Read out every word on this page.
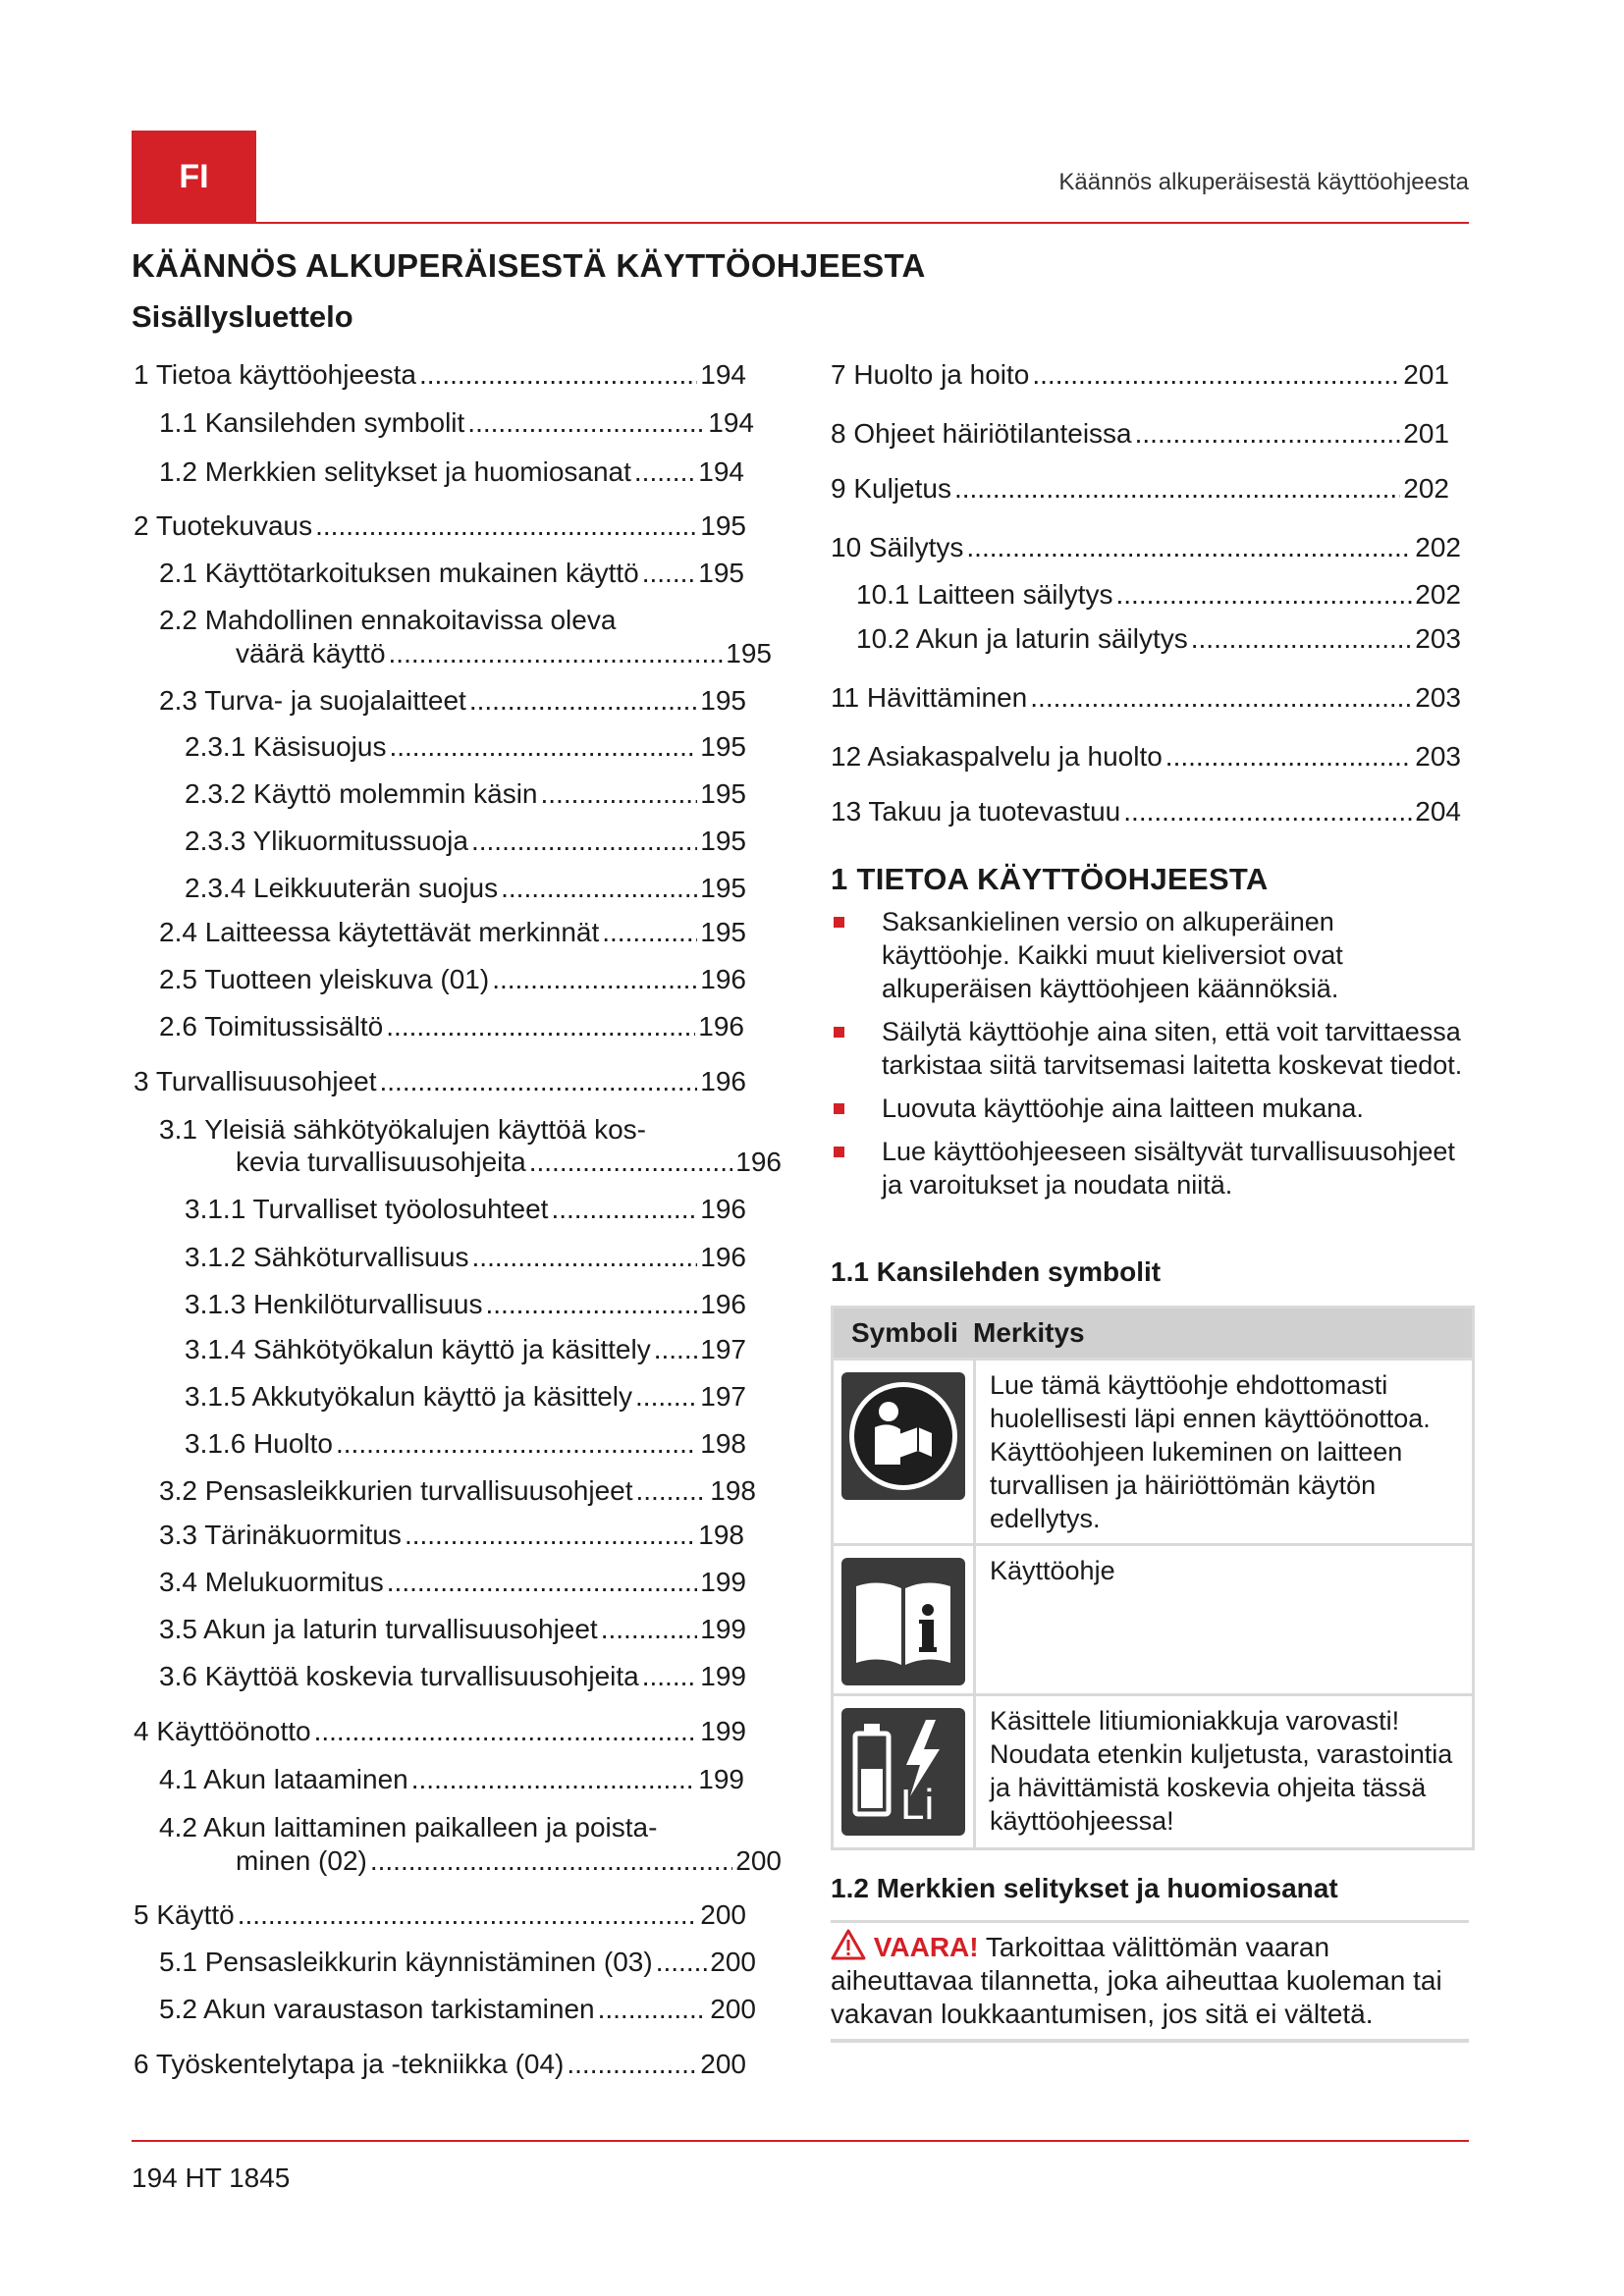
FI	Käännös alkuperäisestä käyttöohjeesta
KÄÄNNÖS ALKUPERÄISESTÄ KÄYTTÖOHJEESTA
Sisällysluettelo
1 Tietoa käyttöohjeesta .....	194
1.1 Kansilehden symbolit .....	194
1.2 Merkkien selitykset ja huomiosanat ..... 194
2 Tuotekuvaus .....	195
2.1 Käyttötarkoituksen mukainen käyttö ..... 195
2.2 Mahdollinen ennakoitavissa oleva
väärä käyttö .....	195
2.3 Turva- ja suojalaitteet .....	195
2.3.1 Käsisuojus .....	195
2.3.2 Käyttö molemmin käsin .....	195
2.3.3 Ylikuormitussuoja .....	195
2.3.4 Leikkuuterän suojus .....	195
2.4 Laitteessa käytettävät merkinnät .....	195
2.5 Tuotteen yleiskuva (01) .....	196
2.6 Toimitussisältö .....	196
3 Turvallisuusohjeet .....	196
3.1 Yleisiä sähkötyökalujen käyttöä kos-
kevia turvallisuusohjeita .....	196
3.1.1 Turvalliset työolosuhteet .....	196
3.1.2 Sähköturvallisuus .....	196
3.1.3 Henkilöturvallisuus .....	196
3.1.4 Sähkötyökalun käyttö ja käsittely ..... 197
3.1.5 Akkutyökalun käyttö ja käsittely ..... 197
3.1.6 Huolto .....	198
3.2 Pensasleikkurien turvallisuusohjeet .....	198
3.3 Tärinäkuormitus .....	198
3.4 Melukuormitus .....	199
3.5 Akun ja laturin turvallisuusohjeet .....	199
3.6 Käyttöä koskevia turvallisuusohjeita ..... 199
4 Käyttöönotto .....	199
4.1 Akun lataaminen .....	199
4.2 Akun laittaminen paikalleen ja poista-
minen (02) .....	200
5 Käyttö .....	200
5.1 Pensasleikkurin käynnistäminen (03) ..... 200
5.2 Akun varaustason tarkistaminen .....	200
6 Työskentelytapa ja -tekniikka (04) .....	200
7 Huolto ja hoito .....	201
8 Ohjeet häiriötilanteissa .....	201
9 Kuljetus .....	202
10 Säilytys .....	202
10.1 Laitteen säilytys .....	202
10.2 Akun ja laturin säilytys .....	203
11 Hävittäminen .....	203
12 Asiakaspalvelu ja huolto .....	203
13 Takuu ja tuotevastuu .....	204
1 TIETOA KÄYTTÖOHJEESTA
Saksankielinen versio on alkuperäinen käyttöohje. Kaikki muut kieliversiot ovat alkuperäisen käyttöohjeen käännöksiä.
Säilytä käyttöohje aina siten, että voit tarvittaessa tarkistaa siitä tarvitsemasi laitetta koskevat tiedot.
Luovuta käyttöohje aina laitteen mukana.
Lue käyttöohjeeseen sisältyvät turvallisuusohjeet ja varoitukset ja noudata niitä.
1.1 Kansilehden symbolit
Symboli Merkitys
Lue tämä käyttöohje ehdottomasti huolellisesti läpi ennen käyttöönottoa. Käyttöohjeen lukeminen on laitteen turvallisen ja häiriöttömän käytön edellytys.
Käyttöohje
Li
Käsittele litiumioniakkuja varovasti! Noudata etenkin kuljetusta, varastointia ja hävittämistä koskevia ohjeita tässä käyttöohjeessa!
1.2 Merkkien selitykset ja huomiosanat
VAARA! Tarkoittaa välittömän vaaran aiheuttavaa tilannetta, joka aiheuttaa kuoleman tai vakavan loukkaantumisen, jos sitä ei vältetä.
194 HT 1845
